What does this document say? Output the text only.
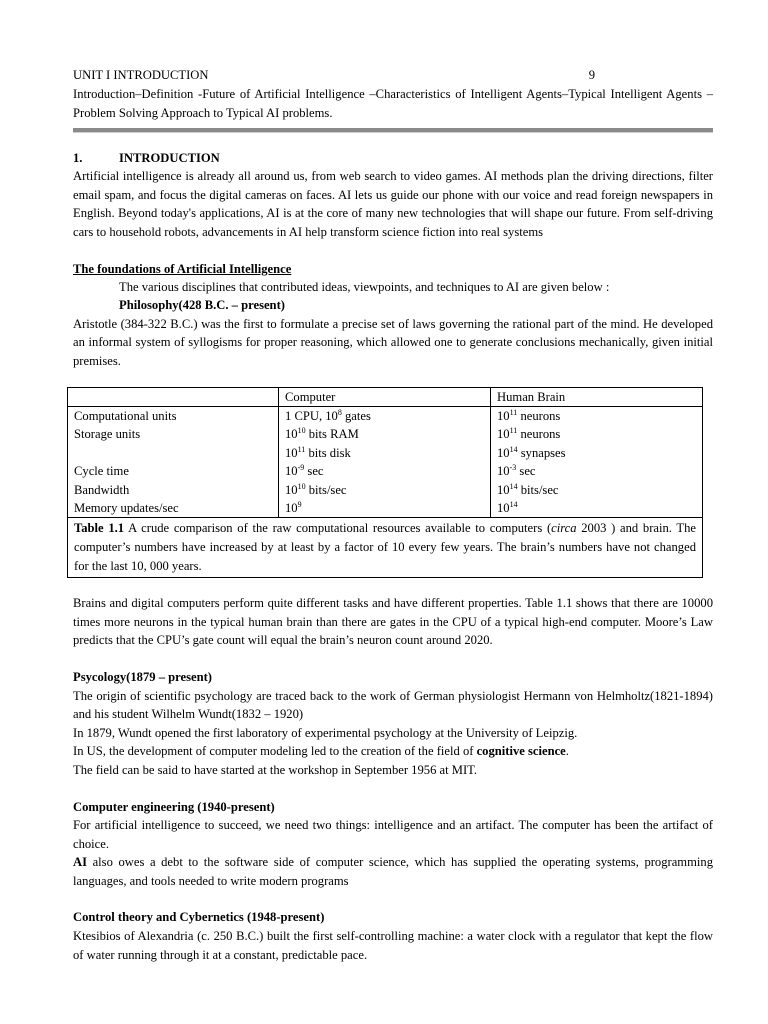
UNIT I INTRODUCTION	9

Introduction–Definition -Future of Artificial Intelligence –Characteristics of Intelligent Agents–Typical Intelligent Agents –Problem Solving Approach to Typical AI problems.

1.	INTRODUCTION

Artificial intelligence is already all around us, from web search to video games. AI methods plan the driving directions, filter email spam, and focus the digital cameras on faces. AI lets us guide our phone with our voice and read foreign newspapers in English. Beyond today's applications, AI is at the core of many new technologies that will shape our future. From self-driving cars to household robots, advancements in AI help transform science fiction into real systems

The foundations of Artificial Intelligence
The various disciplines that contributed ideas, viewpoints, and techniques to AI are given below :
Philosophy(428 B.C. – present)

Aristotle (384-322 B.C.) was the first to formulate a precise set of laws governing the rational part of the mind. He developed an informal system of syllogisms for proper reasoning, which allowed one to generate conclusions mechanically, given initial premises.

	Computer	Human Brain
Computational units	1 CPU, $10^8$ gates	$10^{11}$ neurons
Storage units	$10^{10}$ bits RAM	$10^{11}$ neurons
	$10^{11}$ bits disk	$10^{14}$ synapses
Cycle time	$10^{-9}$ sec	$10^{-3}$ sec
Bandwidth	$10^{10}$ bits/sec	$10^{14}$ bits/sec
Memory updates/sec	$10^9$	$10^{14}$
Table 1.1 A crude comparison of the raw computational resources available to computers (circa 2003 ) and brain. The computer’s numbers have increased by at least by a factor of 10 every few years. The brain’s numbers have not changed for the last 10, 000 years.		

Brains and digital computers perform quite different tasks and have different properties. Table 1.1 shows that there are 10000 times more neurons in the typical human brain than there are gates in the CPU of a typical high-end computer. Moore’s Law predicts that the CPU’s gate count will equal the brain’s neuron count around 2020.

Psycology(1879 – present)

The origin of scientific psychology are traced back to the work of German physiologist Hermann von Helmholtz(1821-1894) and his student Wilhelm Wundt(1832 – 1920)

In 1879, Wundt opened the first laboratory of experimental psychology at the University of Leipzig.

In US, the development of computer modeling led to the creation of the field of cognitive science.

The field can be said to have started at the workshop in September 1956 at MIT.

Computer engineering (1940-present)

For artificial intelligence to succeed, we need two things: intelligence and an artifact. The computer has been the artifact of choice.

AI also owes a debt to the software side of computer science, which has supplied the operating systems, programming languages, and tools needed to write modern programs

Control theory and Cybernetics (1948-present)

Ktesibios of Alexandria (c. 250 B.C.) built the first self-controlling machine: a water clock with a regulator that kept the flow of water running through it at a constant, predictable pace.
